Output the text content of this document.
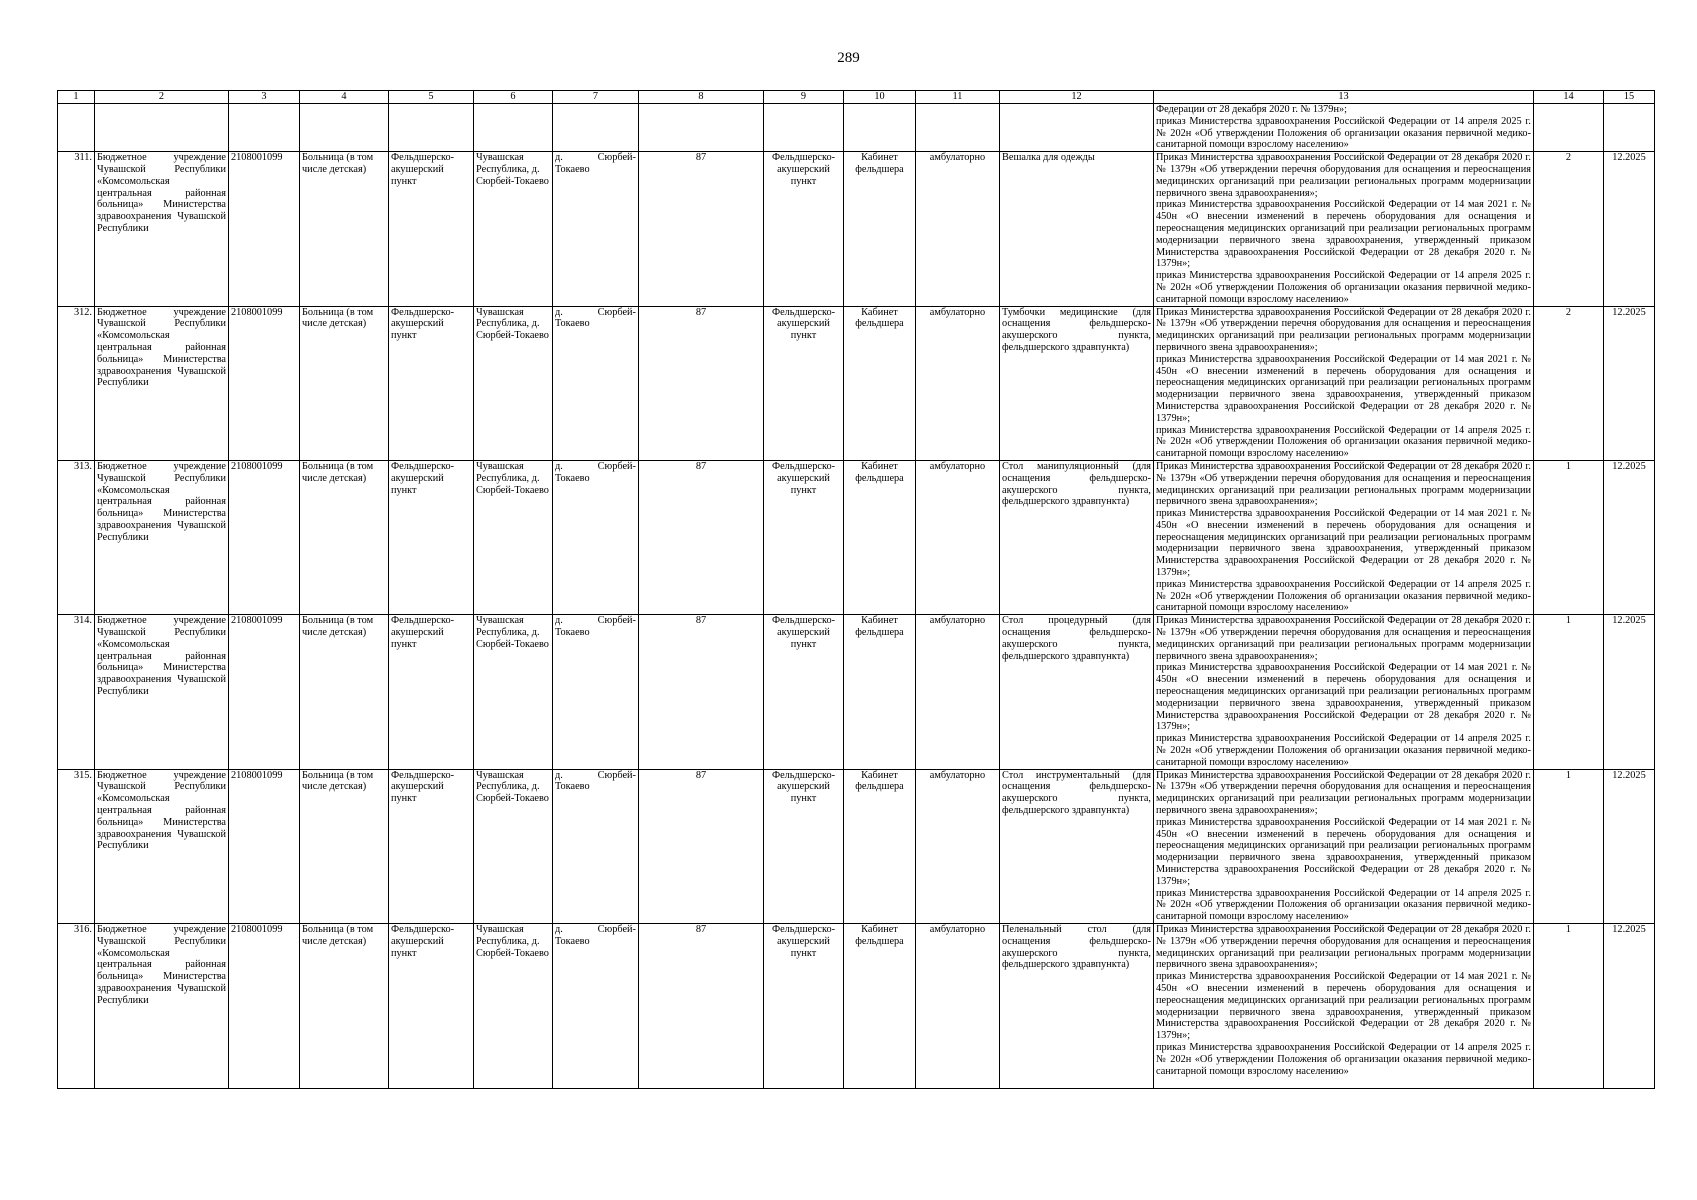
289
1	2	3	4	5	6	7	8	9	10	11	12	13	14	15
												Федерации от 28 декабря 2020 г. № 1379н»;
приказ Министерства здравоохранения Российской Федерации от 14 апреля 2025 г. № 202н «Об утверждении Положения об организации оказания первичной медико-санитарной помощи взрослому населению»		
311.	Бюджетное учреждение Чувашской Республики «Комсомольская центральная районная больница» Министерства здравоохранения Чувашской Республики	2108001099	Больница (в том числе детская)	Фельдшерско-акушерский пункт	Чувашская Республика, д. Сюрбей-Токаево	д. Сюрбей-Токаево	87	Фельдшерско-акушерский пункт	Кабинет фельдшера	амбулаторно	Вешалка для одежды	Приказ Министерства здравоохранения Российской Федерации от 28 декабря 2020 г. № 1379н «Об утверждении перечня оборудования для оснащения и переоснащения медицинских организаций при реализации региональных программ модернизации первичного звена здравоохранения»;
приказ Министерства здравоохранения Российской Федерации от 14 мая 2021 г. № 450н «О внесении изменений в перечень оборудования для оснащения и переоснащения медицинских организаций при реализации региональных программ модернизации первичного звена здравоохранения, утвержденный приказом Министерства здравоохранения Российской Федерации от 28 декабря 2020 г. № 1379н»;
приказ Министерства здравоохранения Российской Федерации от 14 апреля 2025 г. № 202н «Об утверждении Положения об организации оказания первичной медико-санитарной помощи взрослому населению»	2	12.2025
312.	Бюджетное учреждение Чувашской Республики «Комсомольская центральная районная больница» Министерства здравоохранения Чувашской Республики	2108001099	Больница (в том числе детская)	Фельдшерско-акушерский пункт	Чувашская Республика, д. Сюрбей-Токаево	д. Сюрбей-Токаево	87	Фельдшерско-акушерский пункт	Кабинет фельдшера	амбулаторно	Тумбочки медицинские (для оснащения фельдшерско-акушерского пункта, фельдшерского здравпункта)	Приказ Министерства здравоохранения Российской Федерации от 28 декабря 2020 г. № 1379н «Об утверждении перечня оборудования для оснащения и переоснащения медицинских организаций при реализации региональных программ модернизации первичного звена здравоохранения»;
приказ Министерства здравоохранения Российской Федерации от 14 мая 2021 г. № 450н «О внесении изменений в перечень оборудования для оснащения и переоснащения медицинских организаций при реализации региональных программ модернизации первичного звена здравоохранения, утвержденный приказом Министерства здравоохранения Российской Федерации от 28 декабря 2020 г. № 1379н»;
приказ Министерства здравоохранения Российской Федерации от 14 апреля 2025 г. № 202н «Об утверждении Положения об организации оказания первичной медико-санитарной помощи взрослому населению»	2	12.2025
313.	Бюджетное учреждение Чувашской Республики «Комсомольская центральная районная больница» Министерства здравоохранения Чувашской Республики	2108001099	Больница (в том числе детская)	Фельдшерско-акушерский пункт	Чувашская Республика, д. Сюрбей-Токаево	д. Сюрбей-Токаево	87	Фельдшерско-акушерский пункт	Кабинет фельдшера	амбулаторно	Стол манипуляционный (для оснащения фельдшерско-акушерского пункта, фельдшерского здравпункта)	Приказ Министерства здравоохранения Российской Федерации от 28 декабря 2020 г. № 1379н «Об утверждении перечня оборудования для оснащения и переоснащения медицинских организаций при реализации региональных программ модернизации первичного звена здравоохранения»;
приказ Министерства здравоохранения Российской Федерации от 14 мая 2021 г. № 450н «О внесении изменений в перечень оборудования для оснащения и переоснащения медицинских организаций при реализации региональных программ модернизации первичного звена здравоохранения, утвержденный приказом Министерства здравоохранения Российской Федерации от 28 декабря 2020 г. № 1379н»;
приказ Министерства здравоохранения Российской Федерации от 14 апреля 2025 г. № 202н «Об утверждении Положения об организации оказания первичной медико-санитарной помощи взрослому населению»	1	12.2025
314.	Бюджетное учреждение Чувашской Республики «Комсомольская центральная районная больница» Министерства здравоохранения Чувашской Республики	2108001099	Больница (в том числе детская)	Фельдшерско-акушерский пункт	Чувашская Республика, д. Сюрбей-Токаево	д. Сюрбей-Токаево	87	Фельдшерско-акушерский пункт	Кабинет фельдшера	амбулаторно	Стол процедурный (для оснащения фельдшерско-акушерского пункта, фельдшерского здравпункта)	Приказ Министерства здравоохранения Российской Федерации от 28 декабря 2020 г. № 1379н «Об утверждении перечня оборудования для оснащения и переоснащения медицинских организаций при реализации региональных программ модернизации первичного звена здравоохранения»;
приказ Министерства здравоохранения Российской Федерации от 14 мая 2021 г. № 450н «О внесении изменений в перечень оборудования для оснащения и переоснащения медицинских организаций при реализации региональных программ модернизации первичного звена здравоохранения, утвержденный приказом Министерства здравоохранения Российской Федерации от 28 декабря 2020 г. № 1379н»;
приказ Министерства здравоохранения Российской Федерации от 14 апреля 2025 г. № 202н «Об утверждении Положения об организации оказания первичной медико-санитарной помощи взрослому населению»	1	12.2025
315.	Бюджетное учреждение Чувашской Республики «Комсомольская центральная районная больница» Министерства здравоохранения Чувашской Республики	2108001099	Больница (в том числе детская)	Фельдшерско-акушерский пункт	Чувашская Республика, д. Сюрбей-Токаево	д. Сюрбей-Токаево	87	Фельдшерско-акушерский пункт	Кабинет фельдшера	амбулаторно	Стол инструментальный (для оснащения фельдшерско-акушерского пункта, фельдшерского здравпункта)	Приказ Министерства здравоохранения Российской Федерации от 28 декабря 2020 г. № 1379н «Об утверждении перечня оборудования для оснащения и переоснащения медицинских организаций при реализации региональных программ модернизации первичного звена здравоохранения»;
приказ Министерства здравоохранения Российской Федерации от 14 мая 2021 г. № 450н «О внесении изменений в перечень оборудования для оснащения и переоснащения медицинских организаций при реализации региональных программ модернизации первичного звена здравоохранения, утвержденный приказом Министерства здравоохранения Российской Федерации от 28 декабря 2020 г. № 1379н»;
приказ Министерства здравоохранения Российской Федерации от 14 апреля 2025 г. № 202н «Об утверждении Положения об организации оказания первичной медико-санитарной помощи взрослому населению»	1	12.2025
316.	Бюджетное учреждение Чувашской Республики «Комсомольская центральная районная больница» Министерства здравоохранения Чувашской Республики	2108001099	Больница (в том числе детская)	Фельдшерско-акушерский пункт	Чувашская Республика, д. Сюрбей-Токаево	д. Сюрбей-Токаево	87	Фельдшерско-акушерский пункт	Кабинет фельдшера	амбулаторно	Пеленальный стол (для оснащения фельдшерско-акушерского пункта, фельдшерского здравпункта)	Приказ Министерства здравоохранения Российской Федерации от 28 декабря 2020 г. № 1379н «Об утверждении перечня оборудования для оснащения и переоснащения медицинских организаций при реализации региональных программ модернизации первичного звена здравоохранения»;
приказ Министерства здравоохранения Российской Федерации от 14 мая 2021 г. № 450н «О внесении изменений в перечень оборудования для оснащения и переоснащения медицинских организаций при реализации региональных программ модернизации первичного звена здравоохранения, утвержденный приказом Министерства здравоохранения Российской Федерации от 28 декабря 2020 г. № 1379н»;
приказ Министерства здравоохранения Российской Федерации от 14 апреля 2025 г. № 202н «Об утверждении Положения об организации оказания первичной медико-санитарной помощи взрослому населению»	1	12.2025
